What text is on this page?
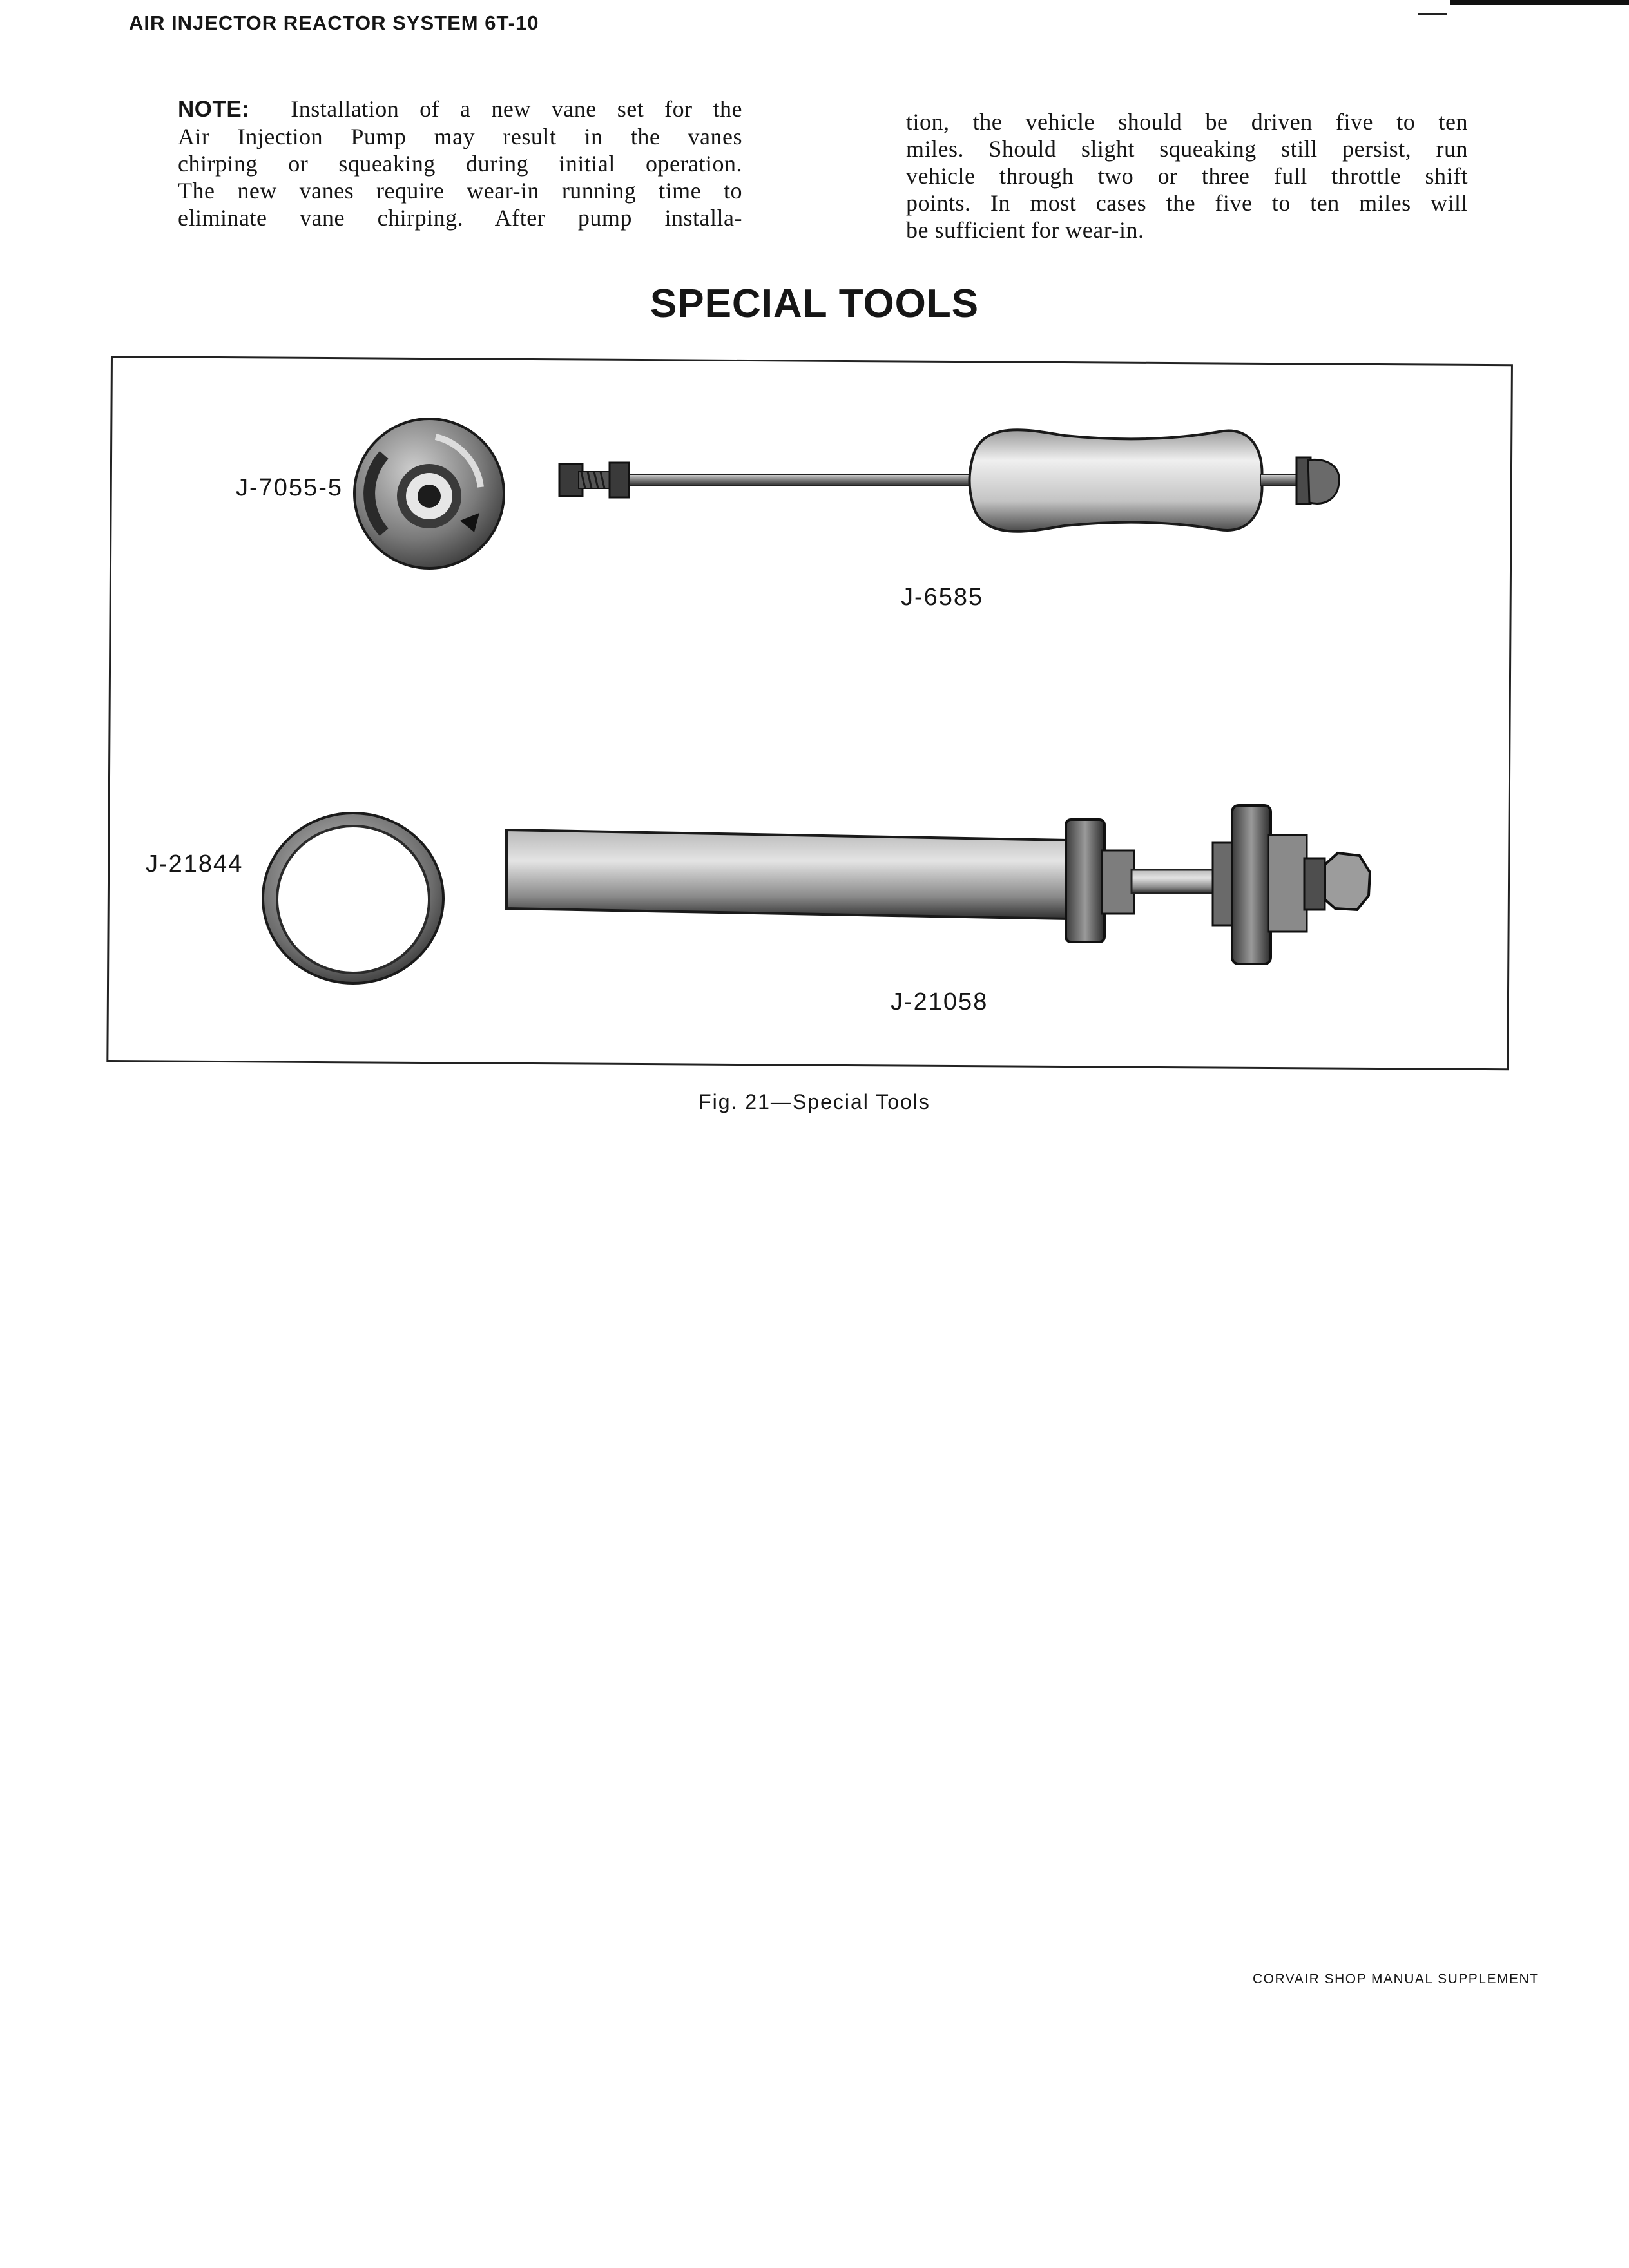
AIR INJECTOR REACTOR SYSTEM 6T-10
NOTE: Installation of a new vane set for the
Air Injection Pump may result in the vanes
chirping or squeaking during initial operation.
The new vanes require wear-in running time to
eliminate vane chirping. After pump installa-
tion, the vehicle should be driven five to ten
miles. Should slight squeaking still persist, run
vehicle through two or three full throttle shift
points. In most cases the five to ten miles will
be sufficient for wear-in.
SPECIAL TOOLS
J-7055-5
J-6585
J-21844
J-21058
Fig. 21—Special Tools
CORVAIR SHOP MANUAL SUPPLEMENT
